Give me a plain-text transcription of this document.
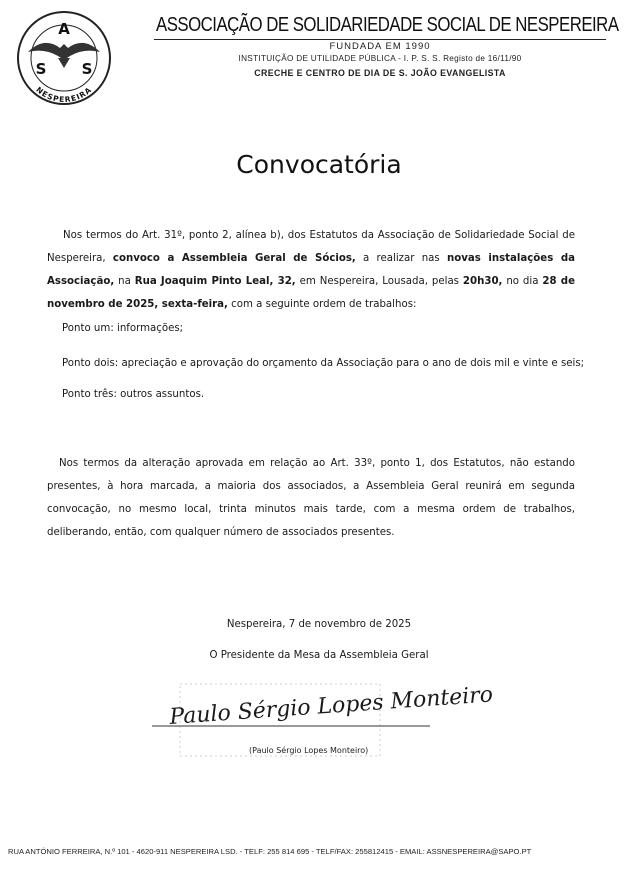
A
S S
NESPEREIRA
ASSOCIAÇÃO DE SOLIDARIEDADE SOCIAL DE NESPEREIRA
FUNDADA EM 1990
INSTITUIÇÃO DE UTILIDADE PÚBLICA - I. P. S. S. Registo de 16/11/90
CRECHE E CENTRO DE DIA DE S. JOÃO EVANGELISTA
Convocatória

Nos termos do Art. 31º, ponto 2, alínea b), dos Estatutos da Associação de Solidariedade Social de Nespereira, convoco a Assembleia Geral de Sócios, a realizar nas novas instalações da Associação, na Rua Joaquim Pinto Leal, 32, em Nespereira, Lousada, pelas 20h30, no dia 28 de novembro de 2025, sexta-feira, com a seguinte ordem de trabalhos:

Ponto um: informações;
Ponto dois: apreciação e aprovação do orçamento da Associação para o ano de dois mil e vinte e seis;
Ponto três: outros assuntos.

Nos termos da alteração aprovada em relação ao Art. 33º, ponto 1, dos Estatutos, não estando presentes, à hora marcada, a maioria dos associados, a Assembleia Geral reunirá em segunda convocação, no mesmo local, trinta minutos mais tarde, com a mesma ordem de trabalhos, deliberando, então, com qualquer número de associados presentes.

Nespereira, 7 de novembro de 2025
O Presidente da Mesa da Assembleia Geral
Paulo Sérgio Lopes Monteiro
(Paulo Sérgio Lopes Monteiro)
RUA ANTÓNIO FERREIRA, N.º 101 - 4620-911 NESPEREIRA LSD. - TELF: 255 814 695 - TELF/FAX: 255812415 - EMAIL: ASSNESPEREIRA@SAPO.PT
